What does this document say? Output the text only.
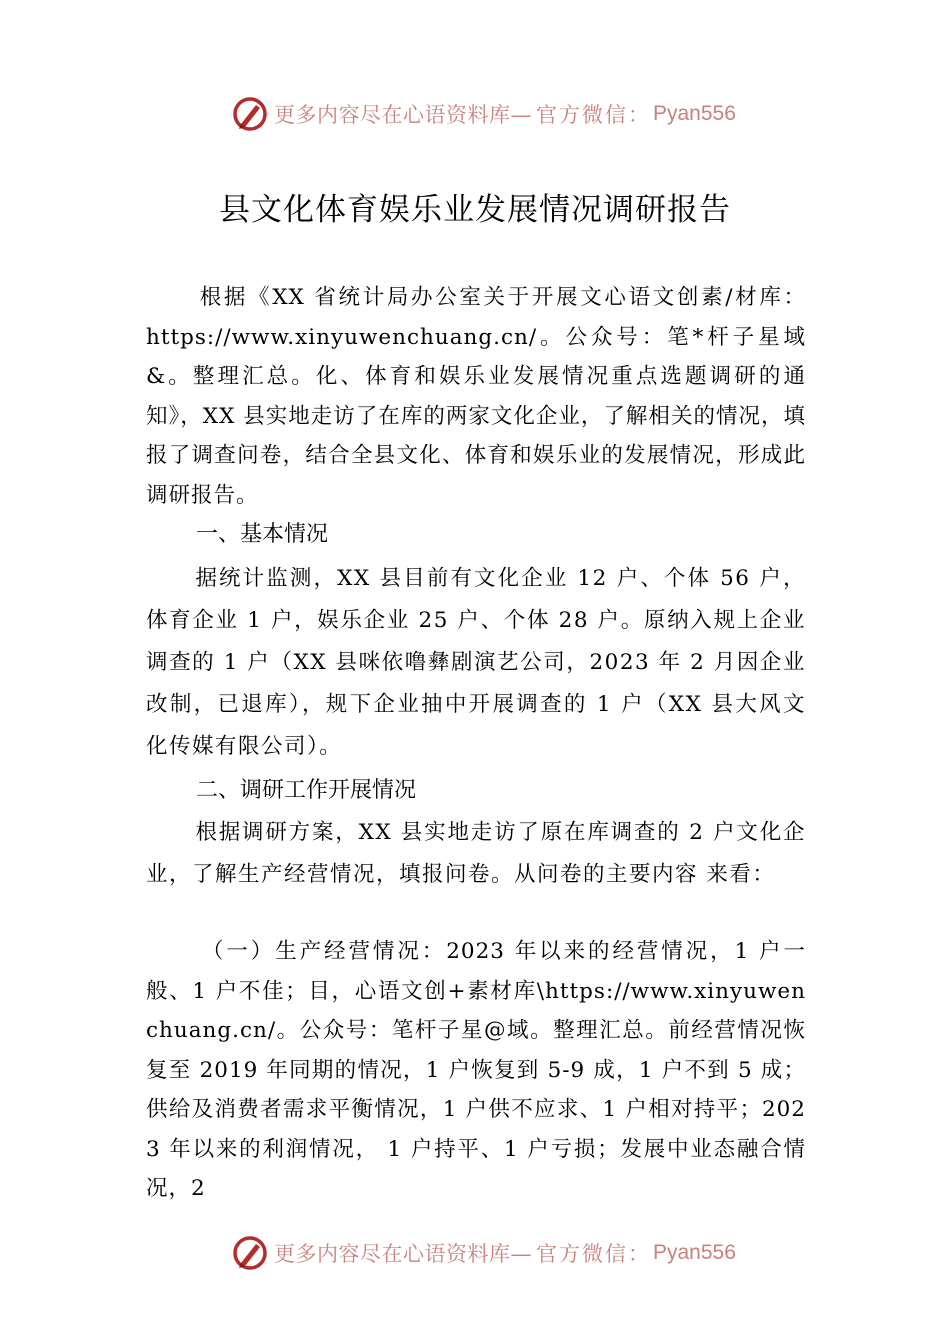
更多内容尽在心语资料库— 官方微信： Pyan556
县文化体育娱乐业发展情况调研报告
根据《XX 省统计局办公室关于开展文心语文创素/材库：https://www.xinyuwenchuang.cn/。公众号：笔*杆子星域&。整理汇总。化、体育和娱乐业发展情况重点选题调研的通知》，XX 县实地走访了在库的两家文化企业，了解相关的情况，填报了调查问卷，结合全县文化、体育和娱乐业的发展情况，形成此调研报告。
一、基本情况
据统计监测，XX 县目前有文化企业 12 户、个体 56 户，体育企业 1 户，娱乐企业 25 户、个体 28 户。原纳入规上企业调查的 1 户（XX 县咪依噜彝剧演艺公司，2023 年 2 月因企业改制，已退库），规下企业抽中开展调查的 1 户（XX 县大风文化传媒有限公司）。
二、调研工作开展情况
根据调研方案，XX 县实地走访了原在库调查的 2 户文化企业，了解生产经营情况，填报问卷。从问卷的主要内容 来看：
（一）生产经营情况：2023 年以来的经营情况，1 户一般、1 户不佳；目，心语文创+素材库\https://www.xinyuwenchuang.cn/。公众号：笔杆子星@域。整理汇总。前经营情况恢复至 2019 年同期的情况，1 户恢复到 5-9 成，1 户不到 5 成；供给及消费者需求平衡情况，1 户供不应求、1 户相对持平；2023 年以来的利润情况， 1 户持平、1 户亏损；发展中业态融合情况，2
更多内容尽在心语资料库— 官方微信： Pyan556
